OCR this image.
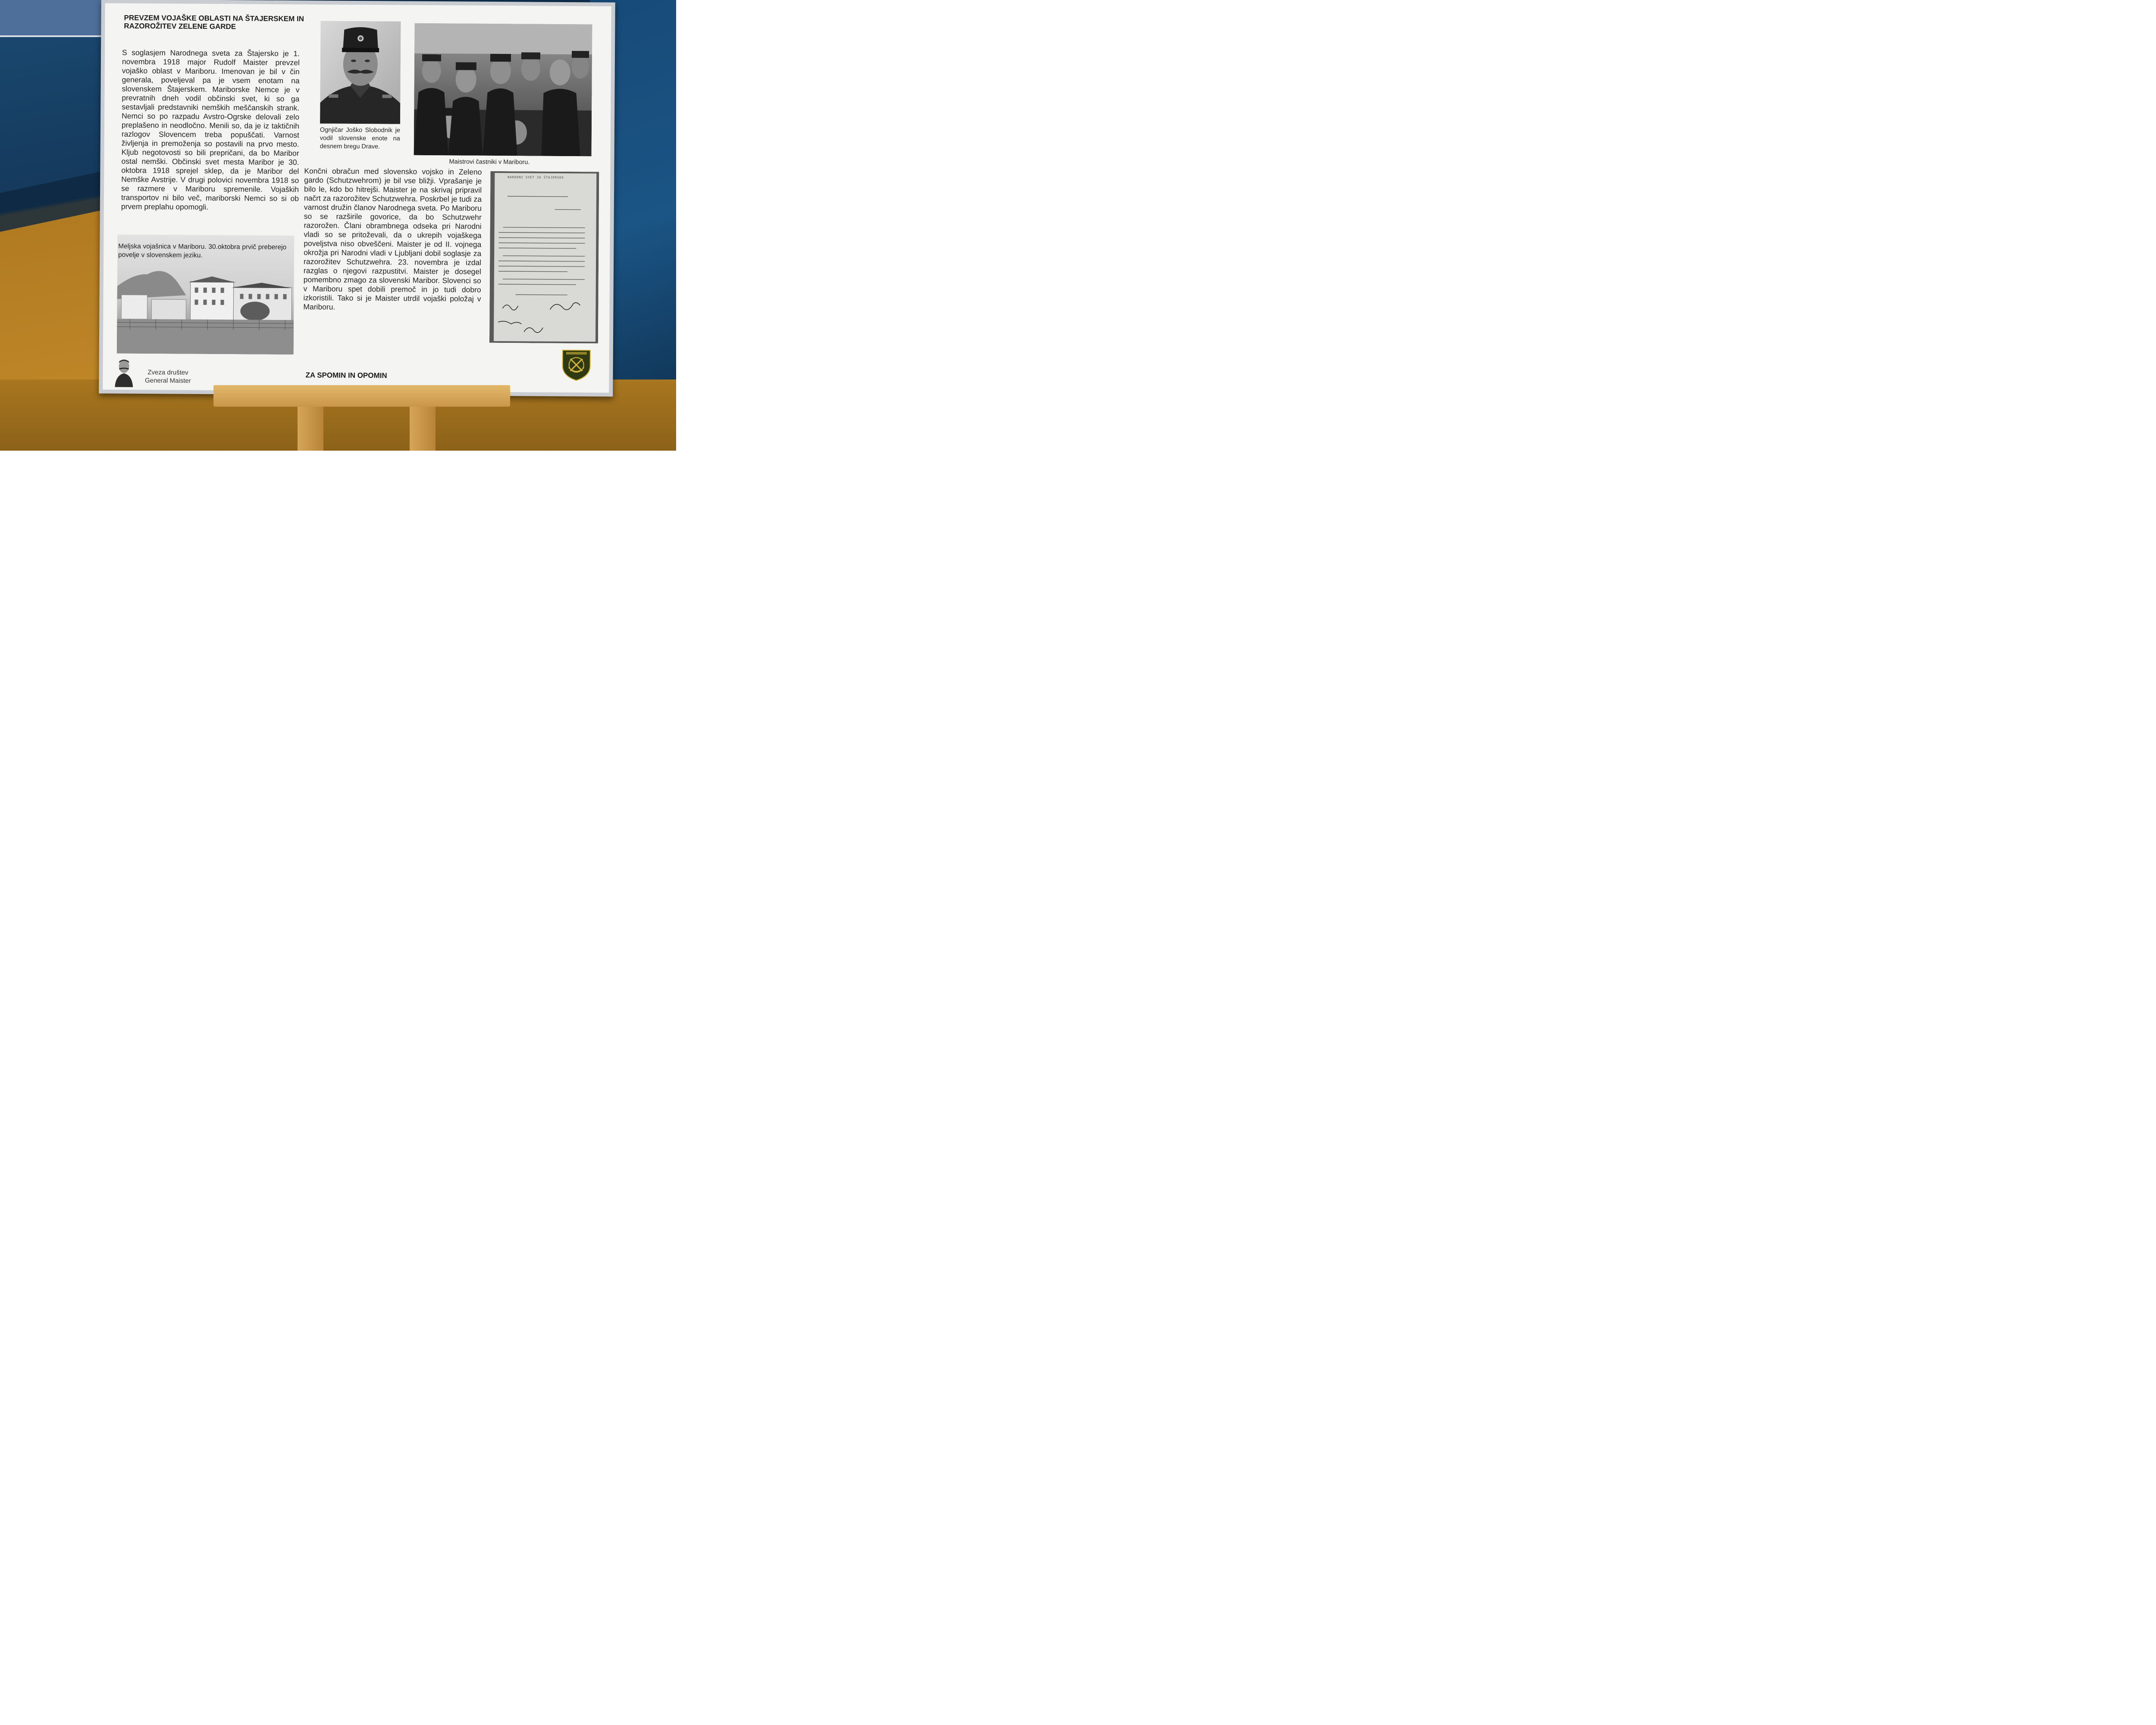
PREVZEM VOJAŠKE OBLASTI NA ŠTAJERSKEM IN RAZOROŽITEV ZELENE GARDE

S soglasjem Narodnega sveta za Štajersko je 1. novembra 1918 major Rudolf Maister prevzel vojaško oblast v Mariboru. Imenovan je bil v čin generala, poveljeval pa je vsem enotam na slovenskem Štajerskem. Mariborske Nemce je v prevratnih dneh vodil občinski svet, ki so ga sestavljali predstavniki nemških meščanskih strank. Nemci so po razpadu Avstro-Ogrske delovali zelo preplašeno in neodločno. Menili so, da je iz taktičnih razlogov Slovencem treba popuščati. Varnost življenja in premoženja so postavili na prvo mesto. Kljub negotovosti so bili prepričani, da bo Maribor ostal nemški. Občinski svet mesta Maribor je 30. oktobra 1918 sprejel sklep, da je Maribor del Nemške Avstrije. V drugi polovici novembra 1918 so se razmere v Mariboru spremenile. Vojaških transportov ni bilo več, mariborski Nemci so si ob prvem preplahu opomogli.

Ognjičar Joško Slobodnik je vodil slovenske enote na desnem bregu Drave.

Maistrovi častniki v Mariboru.

Končni obračun med slovensko vojsko in Zeleno gardo (Schutzwehrom) je bil vse bližji. Vprašanje je bilo le, kdo bo hitrejši. Maister je na skrivaj pripravil načrt za razorožitev Schutzwehra. Poskrbel je tudi za varnost družin članov Narodnega sveta. Po Mariboru so se razširile govorice, da bo Schutzwehr razorožen. Člani obrambnega odseka pri Narodni vladi so se pritoževali, da o ukrepih vojaškega poveljstva niso obveščeni. Maister je od II. vojnega okrožja pri Narodni vladi v Ljubljani dobil soglasje za razorožitev Schutzwehra. 23. novembra je izdal razglas o njegovi razpustitvi. Maister je dosegel pomembno zmago za slovenski Maribor. Slovenci so v Mariboru spet dobili premoč in jo tudi dobro izkoristili. Tako si je Maister utrdil vojaški položaj v Mariboru.

NARODNI SVET ZA ŠTAJERSKO

Meljska vojašnica v Mariboru. 30.oktobra prvič preberejo povelje v slovenskem jeziku.

Zveza društev
General Maister

ZA SPOMIN IN OPOMIN
